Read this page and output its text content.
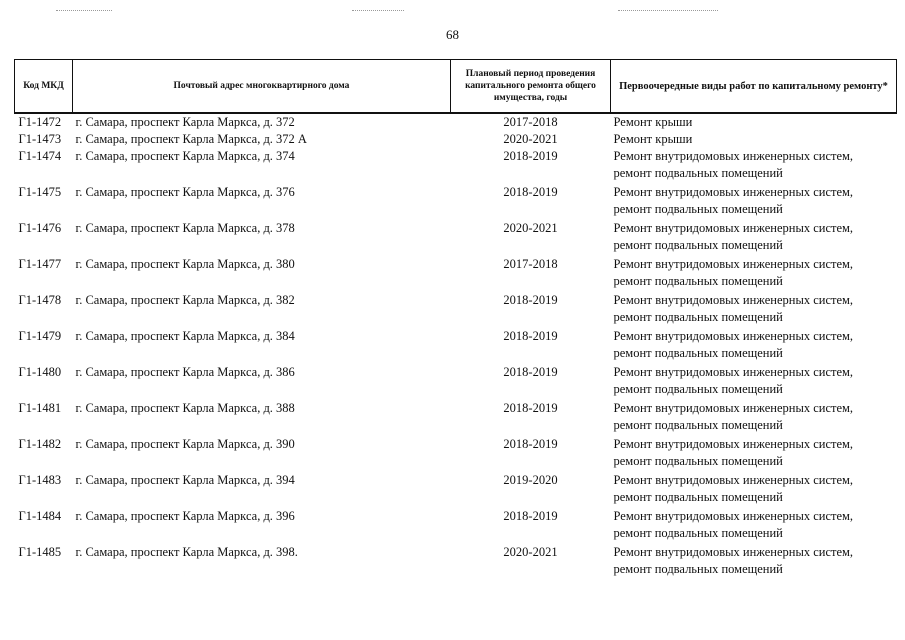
68
Код МКД	Почтовый адрес многоквартирного дома	Плановый период проведения капитального ремонта общего имущества, годы	Первоочередные виды работ по капитальному ремонту*
Г1-1472	г. Самара, проспект Карла Маркса, д. 372	2017-2018	Ремонт крыши

Г1-1473	г. Самара, проспект Карла Маркса, д. 372 А	2020-2021	Ремонт крыши

Г1-1474	г. Самара, проспект Карла Маркса, д. 374	2018-2019	Ремонт внутридомовых инженерных систем,
ремонт подвальных помещений

Г1-1475	г. Самара, проспект Карла Маркса, д. 376	2018-2019	Ремонт внутридомовых инженерных систем,
ремонт подвальных помещений

Г1-1476	г. Самара, проспект Карла Маркса, д. 378	2020-2021	Ремонт внутридомовых инженерных систем,
ремонт подвальных помещений

Г1-1477	г. Самара, проспект Карла Маркса, д. 380	2017-2018	Ремонт внутридомовых инженерных систем,
ремонт подвальных помещений

Г1-1478	г. Самара, проспект Карла Маркса, д. 382	2018-2019	Ремонт внутридомовых инженерных систем,
ремонт подвальных помещений

Г1-1479	г. Самара, проспект Карла Маркса, д. 384	2018-2019	Ремонт внутридомовых инженерных систем,
ремонт подвальных помещений

Г1-1480	г. Самара, проспект Карла Маркса, д. 386	2018-2019	Ремонт внутридомовых инженерных систем,
ремонт подвальных помещений

Г1-1481	г. Самара, проспект Карла Маркса, д. 388	2018-2019	Ремонт внутридомовых инженерных систем,
ремонт подвальных помещений

Г1-1482	г. Самара, проспект Карла Маркса, д. 390	2018-2019	Ремонт внутридомовых инженерных систем,
ремонт подвальных помещений

Г1-1483	г. Самара, проспект Карла Маркса, д. 394	2019-2020	Ремонт внутридомовых инженерных систем,
ремонт подвальных помещений

Г1-1484	г. Самара, проспект Карла Маркса, д. 396	2018-2019	Ремонт внутридомовых инженерных систем,
ремонт подвальных помещений

Г1-1485	г. Самара, проспект Карла Маркса, д. 398.	2020-2021	Ремонт внутридомовых инженерных систем,
ремонт подвальных помещений
